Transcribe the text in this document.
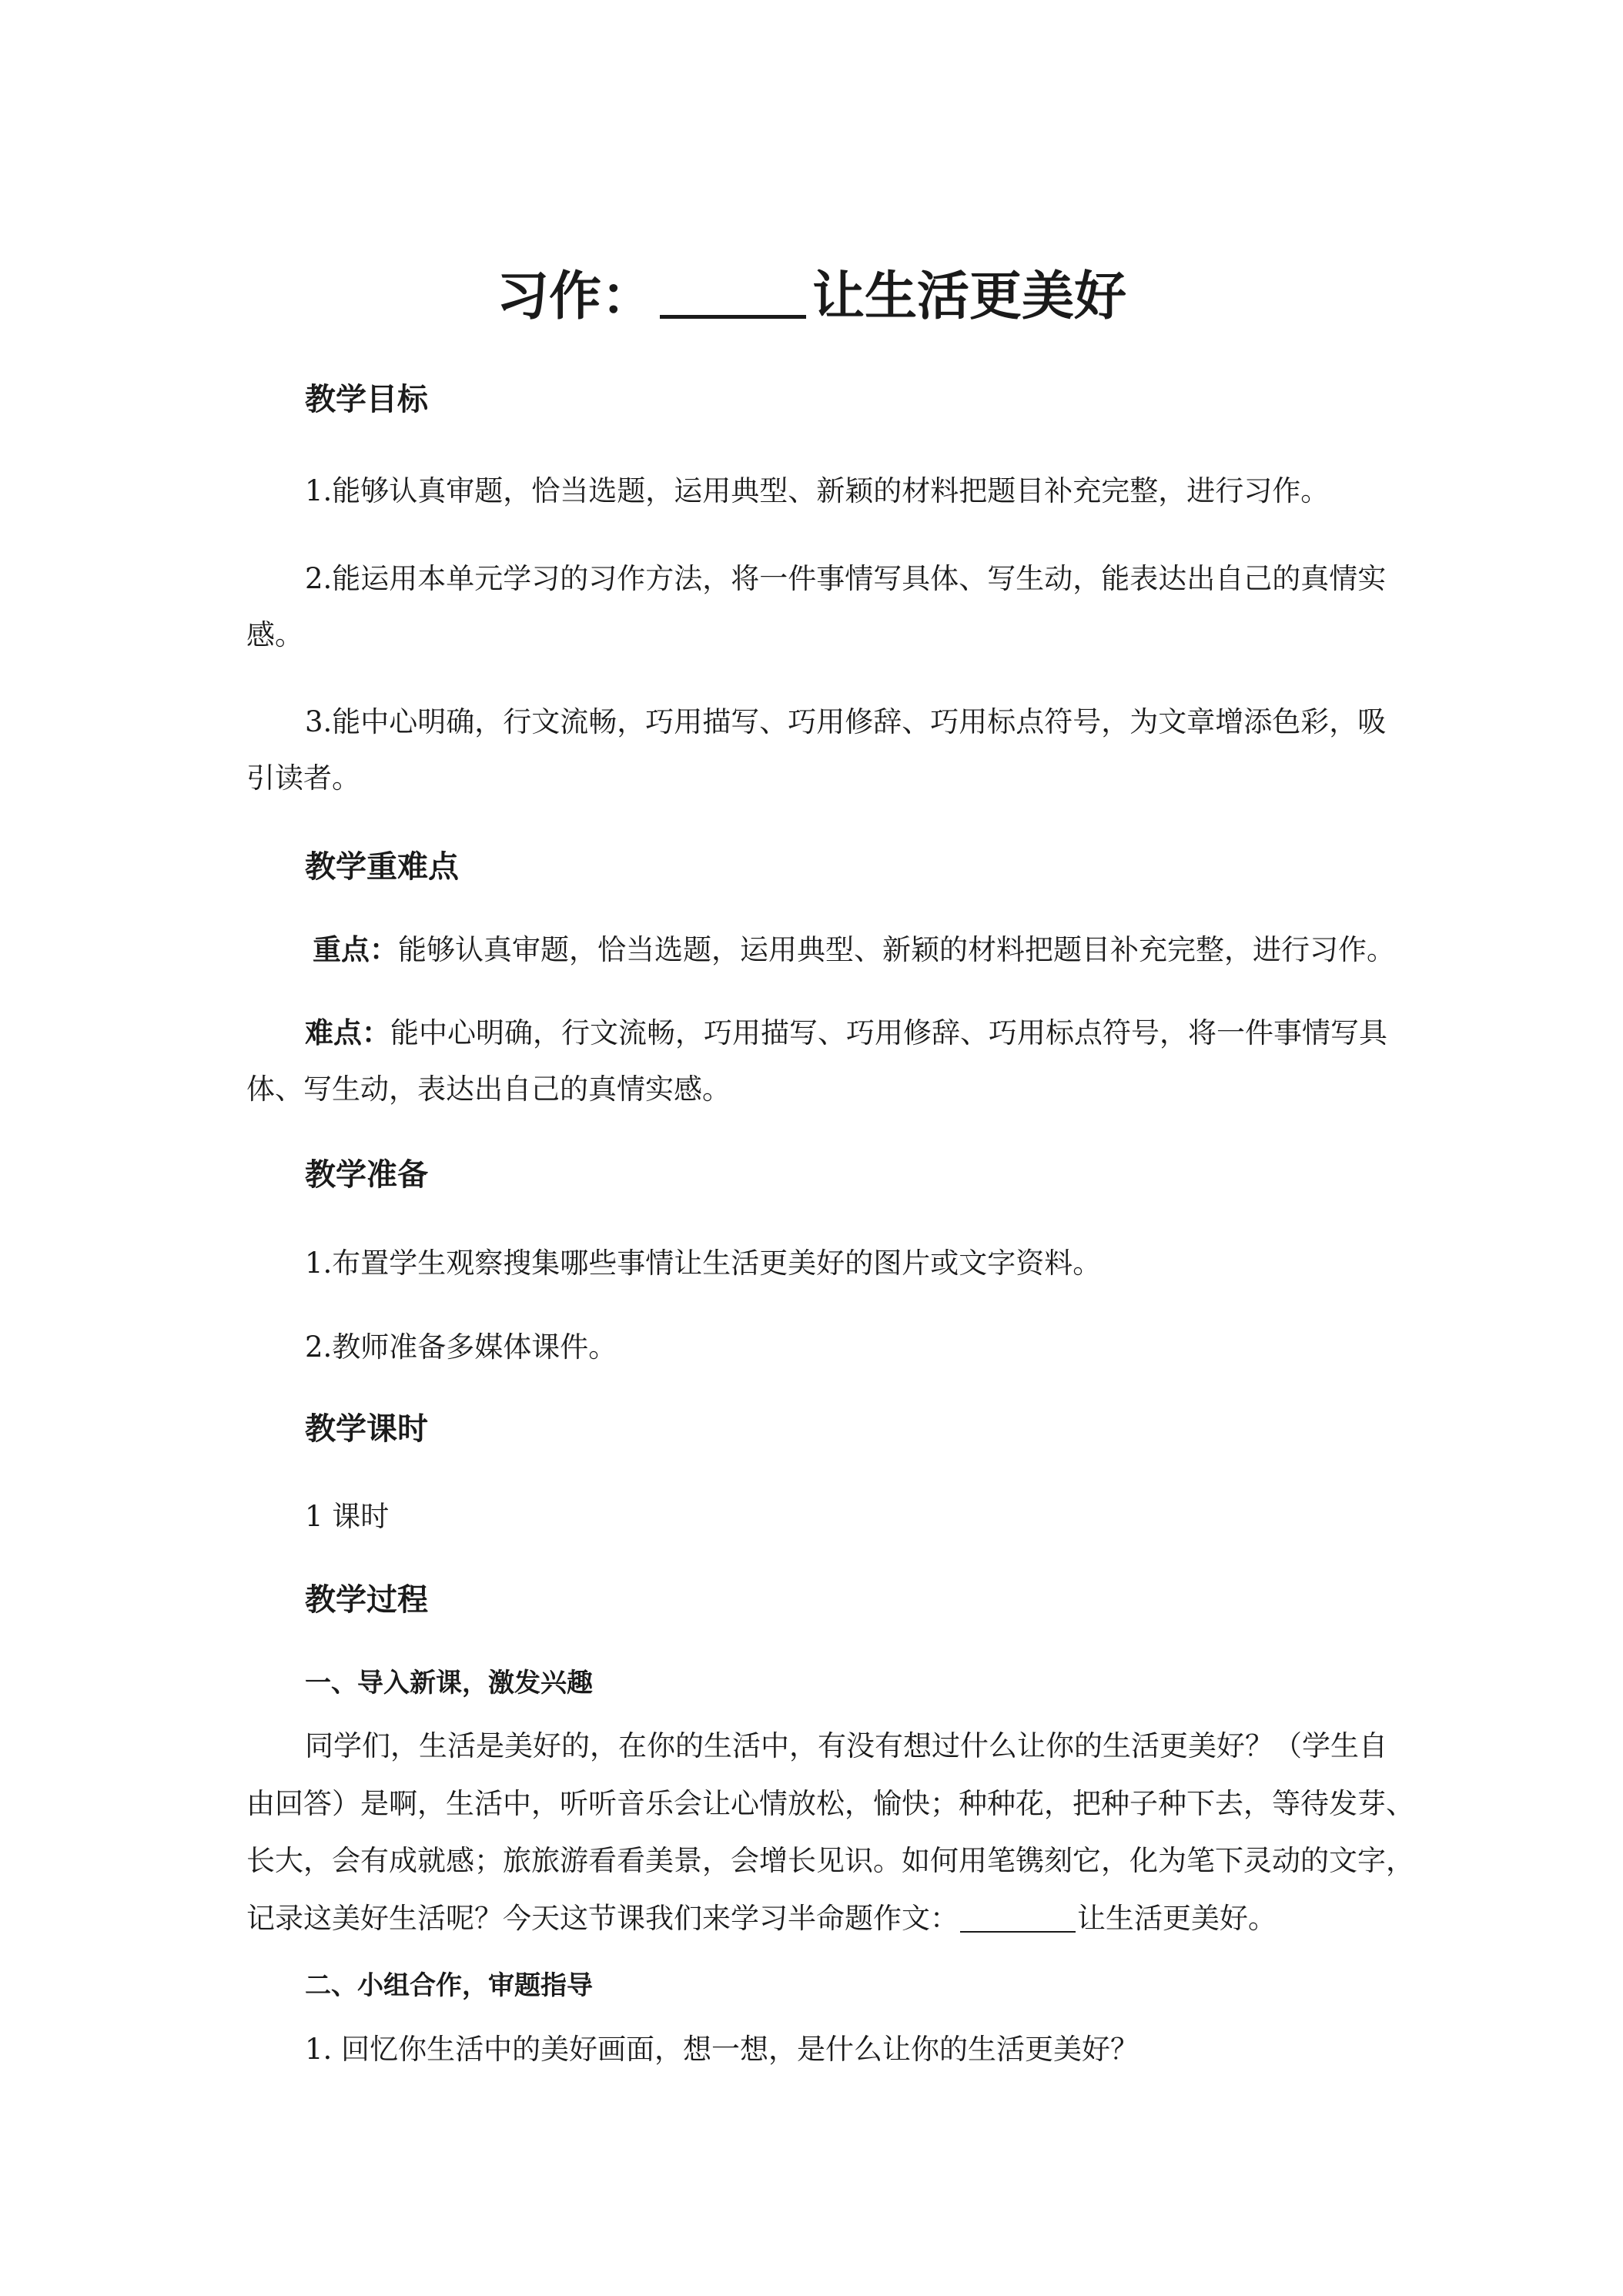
习作：	让生活更美好
教学目标
1.能够认真审题，恰当选题，运用典型、新颖的材料把题目补充完整，进行习作。
2.能运用本单元学习的习作方法，将一件事情写具体、写生动，能表达出自己的真情实
感。
3.能中心明确，行文流畅，巧用描写、巧用修辞、巧用标点符号，为文章增添色彩，吸
引读者。
教学重难点
重点：能够认真审题，恰当选题，运用典型、新颖的材料把题目补充完整，进行习作。
难点：能中心明确，行文流畅，巧用描写、巧用修辞、巧用标点符号，将一件事情写具
体、写生动，表达出自己的真情实感。
教学准备
1.布置学生观察搜集哪些事情让生活更美好的图片或文字资料。
2.教师准备多媒体课件。
教学课时
1 课时
教学过程
一、导入新课，激发兴趣
同学们，生活是美好的，在你的生活中，有没有想过什么让你的生活更美好？（学生自
由回答）是啊，生活中，听听音乐会让心情放松，愉快；种种花，把种子种下去，等待发芽、
长大，会有成就感；旅旅游看看美景，会增长见识。如何用笔镌刻它，化为笔下灵动的文字，
记录这美好生活呢？今天这节课我们来学习半命题作文：	让生活更美好。
二、小组合作，审题指导
1. 回忆你生活中的美好画面，想一想，是什么让你的生活更美好？
